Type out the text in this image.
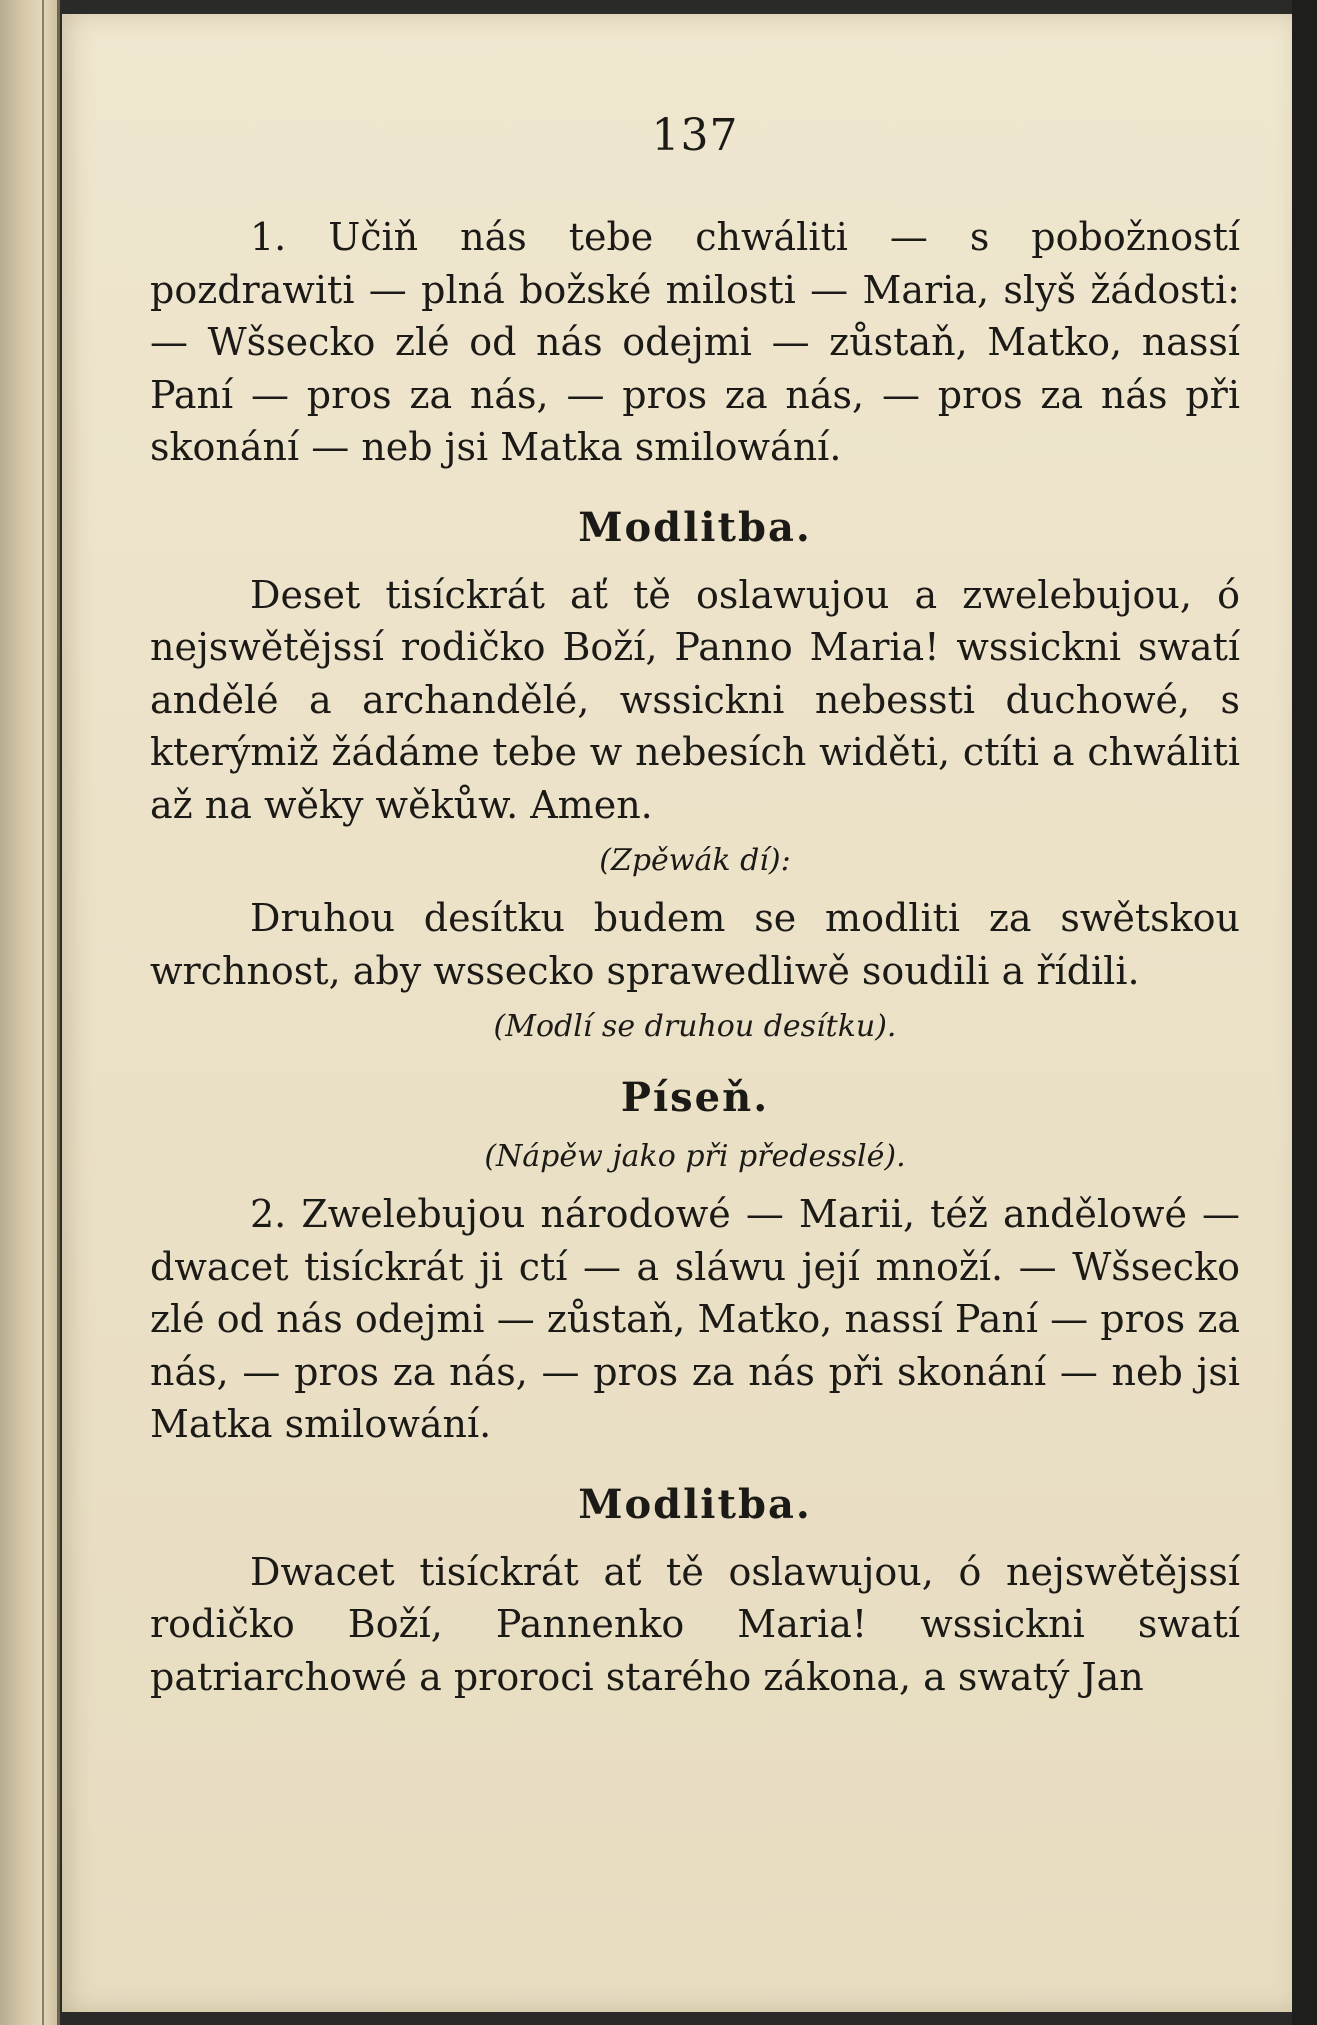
137

1. Učiň nás tebe chwáliti — s pobožností pozdrawiti — plná božské milosti — Maria, slyš žádosti: — Wšsecko zlé od nás odejmi — zůstaň, Matko, nassí Paní — pros za nás, — pros za nás, — pros za nás při skonání — neb jsi Matka smilowání.

Modlitba.

Deset tisíckrát ať tě oslawujou a zwelebujou, ó nejswětějssí rodičko Boží, Panno Maria! wssickni swatí andělé a archandělé, wssickni nebessti duchowé, s kterýmiž žádáme tebe w nebesích widěti, ctíti a chwáliti až na wěky wěkůw. Amen.

(Zpěwák dí):

Druhou desítku budem se modliti za swětskou wrchnost, aby wssecko sprawedliwě soudili a řídili.

(Modlí se druhou desítku).
Píseň.
(Nápěw jako při předesslé).

2. Zwelebujou národowé — Marii, též andělowé — dwacet tisíckrát ji ctí — a sláwu její množí. — Wšsecko zlé od nás odejmi — zůstaň, Matko, nassí Paní — pros za nás, — pros za nás, — pros za nás při skonání — neb jsi Matka smilowání.

Modlitba.

Dwacet tisíckrát ať tě oslawujou, ó nejswětějssí rodičko Boží, Pannenko Maria! wssickni swatí patriarchowé a proroci starého zákona, a swatý Jan
